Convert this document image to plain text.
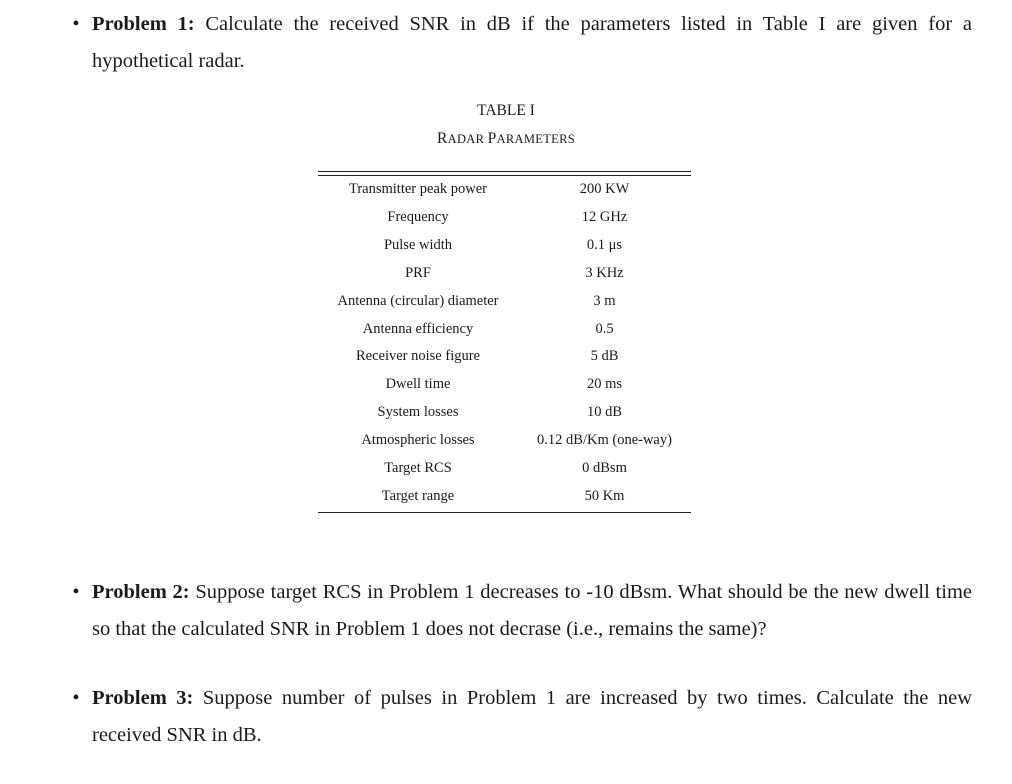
• Problem 1: Calculate the received SNR in dB if the parameters listed in Table I are given for a hypothetical radar.
TABLE I
RADAR PARAMETERS
Transmitter peak power	200 KW
Frequency	12 GHz
Pulse width	0.1 μs
PRF	3 KHz
Antenna (circular) diameter	3 m
Antenna efficiency	0.5
Receiver noise figure	5 dB
Dwell time	20 ms
System losses	10 dB
Atmospheric losses	0.12 dB/Km (one-way)
Target RCS	0 dBsm
Target range	50 Km
• Problem 2: Suppose target RCS in Problem 1 decreases to -10 dBsm. What should be the new dwell time so that the calculated SNR in Problem 1 does not decrase (i.e., remains the same)?
• Problem 3: Suppose number of pulses in Problem 1 are increased by two times. Calculate the new received SNR in dB.
